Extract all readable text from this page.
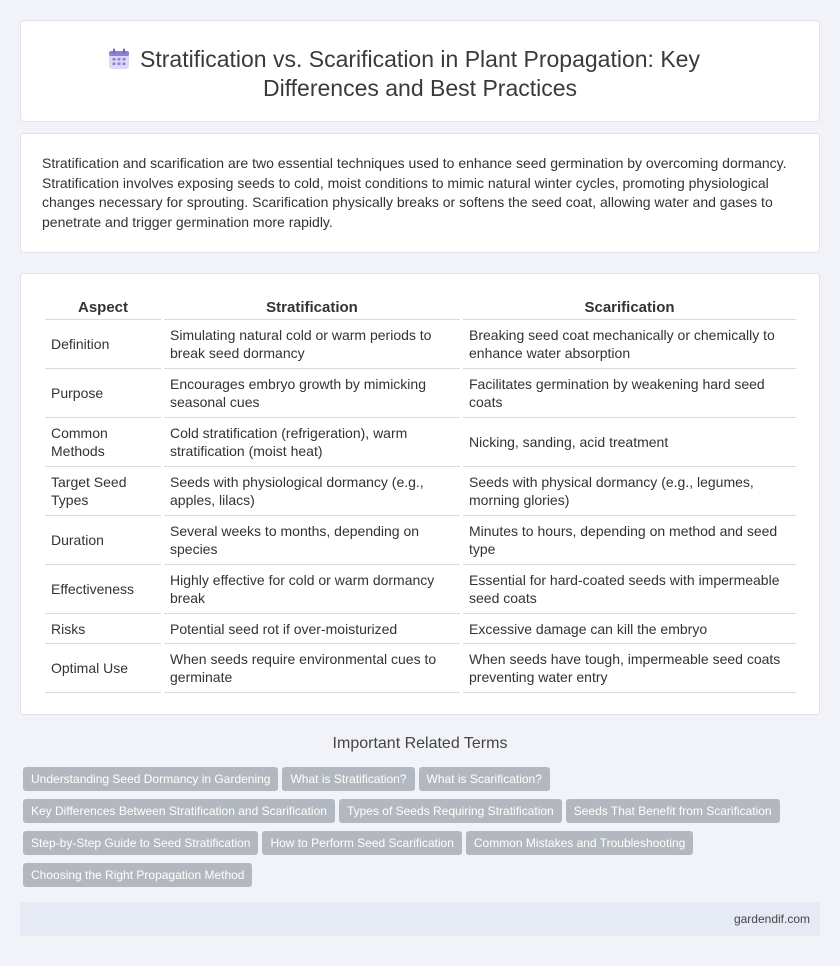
Stratification vs. Scarification in Plant Propagation: Key Differences and Best Practices

Stratification and scarification are two essential techniques used to enhance seed germination by overcoming dormancy. Stratification involves exposing seeds to cold, moist conditions to mimic natural winter cycles, promoting physiological changes necessary for sprouting. Scarification physically breaks or softens the seed coat, allowing water and gases to penetrate and trigger germination more rapidly.

Aspect	Stratification	Scarification
Definition	Simulating natural cold or warm periods to break seed dormancy	Breaking seed coat mechanically or chemically to enhance water absorption
Purpose	Encourages embryo growth by mimicking seasonal cues	Facilitates germination by weakening hard seed coats
Common Methods	Cold stratification (refrigeration), warm stratification (moist heat)	Nicking, sanding, acid treatment
Target Seed Types	Seeds with physiological dormancy (e.g., apples, lilacs)	Seeds with physical dormancy (e.g., legumes, morning glories)
Duration	Several weeks to months, depending on species	Minutes to hours, depending on method and seed type
Effectiveness	Highly effective for cold or warm dormancy break	Essential for hard-coated seeds with impermeable seed coats
Risks	Potential seed rot if over-moisturized	Excessive damage can kill the embryo
Optimal Use	When seeds require environmental cues to germinate	When seeds have tough, impermeable seed coats preventing water entry
Important Related Terms
Understanding Seed Dormancy in Gardening What is Stratification? What is Scarification?
Key Differences Between Stratification and Scarification Types of Seeds Requiring Stratification Seeds That Benefit from Scarification
Step-by-Step Guide to Seed Stratification How to Perform Seed Scarification Common Mistakes and Troubleshooting
Choosing the Right Propagation Method
gardendif.com
